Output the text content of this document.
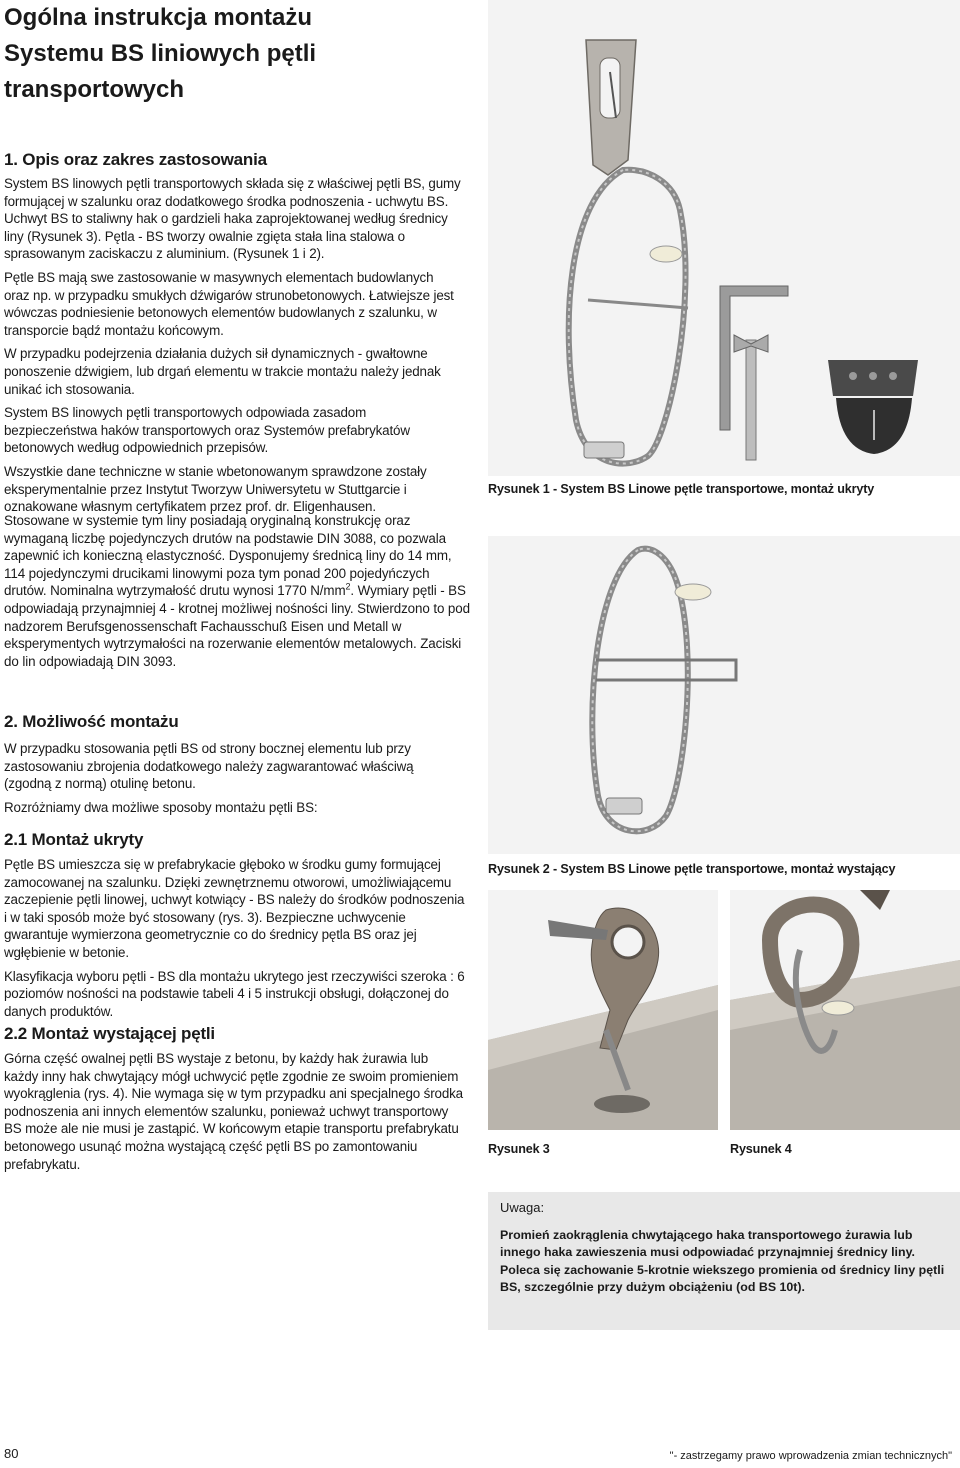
Ogólna instrukcja montażu
Systemu BS liniowych pętli
transportowych
1. Opis oraz zakres zastosowania

System BS linowych pętli transportowych składa się z właściwej pętli BS, gumy formującej w szalunku oraz dodatkowego środka podnoszenia - uchwytu BS. Uchwyt BS to staliwny hak o gardzieli haka zaprojektowanej według średnicy liny (Rysunek 3). Pętla - BS tworzy owalnie zgięta stała lina stalowa o sprasowanym zaciskaczu z aluminium. (Rysunek 1 i 2).

Pętle BS mają swe zastosowanie w masywnych elementach budowlanych oraz np. w przypadku smukłych dźwigarów strunobetonowych. Łatwiejsze jest wówczas podniesienie betonowych elementów budowlanych z szalunku, w transporcie bądź montażu końcowym.

W przypadku podejrzenia działania dużych sił dynamicznych - gwałtowne ponoszenie dźwigiem, lub drgań elementu w trakcie montażu należy jednak unikać ich stosowania.

System BS linowych pętli transportowych odpowiada zasadom bezpieczeństwa haków transportowych oraz Systemów prefabrykatów betonowych według odpowiednich przepisów.

Wszystkie dane techniczne w stanie wbetonowanym sprawdzone zostały eksperymentalnie przez Instytut Tworzyw Uniwersytetu w Stuttgarcie i oznakowane własnym certyfikatem przez prof. dr. Eligenhausen.

Stosowane w systemie tym liny posiadają oryginalną konstrukcję oraz wymaganą liczbę pojedynczych drutów na podstawie DIN 3088, co pozwala zapewnić ich konieczną elastyczność. Dysponujemy średnicą liny do 14 mm, 114 pojedynczymi drucikami linowymi poza tym ponad 200 pojedyńczych drutów. Nominalna wytrzymałość drutu wynosi 1770 $N/mm^2$. Wymiary pętli - BS odpowiadają przynajmniej 4 - krotnej możliwej nośności liny. Stwierdzono to pod nadzorem Berufsgenossenschaft Fachausschuß Eisen und Metall w eksperymentych wytrzymałości na rozerwanie elementów metalowych. Zaciski do lin odpowiadają DIN 3093.
2. Możliwość montażu

W przypadku stosowania pętli BS od strony bocznej elementu lub przy zastosowaniu zbrojenia dodatkowego należy zagwarantować właściwą (zgodną z normą) otulinę betonu.

Rozróżniamy dwa możliwe sposoby montażu pętli BS:

2.1 Montaż ukryty

Pętle BS umieszcza się w prefabrykacie głęboko w środku gumy formującej zamocowanej na szalunku. Dzięki zewnętrznemu otworowi, umożliwiającemu zaczepienie pętli linowej, uchwyt kotwiący - BS należy do środków podnoszenia i w taki sposób może być stosowany (rys. 3). Bezpieczne uchwycenie gwarantuje wymierzona geometrycznie co do średnicy pętla BS oraz jej wgłębienie w betonie.

Klasyfikacja wyboru pętli - BS dla montażu ukrytego jest rzeczywiści szeroka : 6 poziomów nośności na podstawie tabeli 4 i 5 instrukcji obsługi, dołączonej do danych produktów.

2.2 Montaż wystającej pętli

Górna część owalnej pętli BS wystaje z betonu, by każdy hak żurawia lub każdy inny hak chwytający mógł uchwycić pętle zgodnie ze swoim promieniem wyokrąglenia (rys. 4). Nie wymaga się w tym przypadku ani specjalnego środka podnoszenia ani innych elementów szalunku, ponieważ uchwyt transportowy BS może ale nie musi je zastąpić. W końcowym etapie transportu prefabrykatu betonowego usunąć można wystającą część pętli BS po zamontowaniu prefabrykatu.

Rysunek 1 - System BS Linowe pętle transportowe, montaż ukryty
Rysunek 2 - System BS Linowe pętle transportowe, montaż wystający
Rysunek 3	Rysunek 4
Uwaga:
Promień zaokrąglenia chwytającego haka transportowego żurawia lub innego haka zawieszenia musi odpowiadać przynajmniej średnicy liny. Poleca się zachowanie 5-krotnie wiekszego promienia od średnicy liny pętli BS, szczególnie przy dużym obciążeniu (od BS 10t).
80	"- zastrzegamy prawo wprowadzenia zmian technicznych"
